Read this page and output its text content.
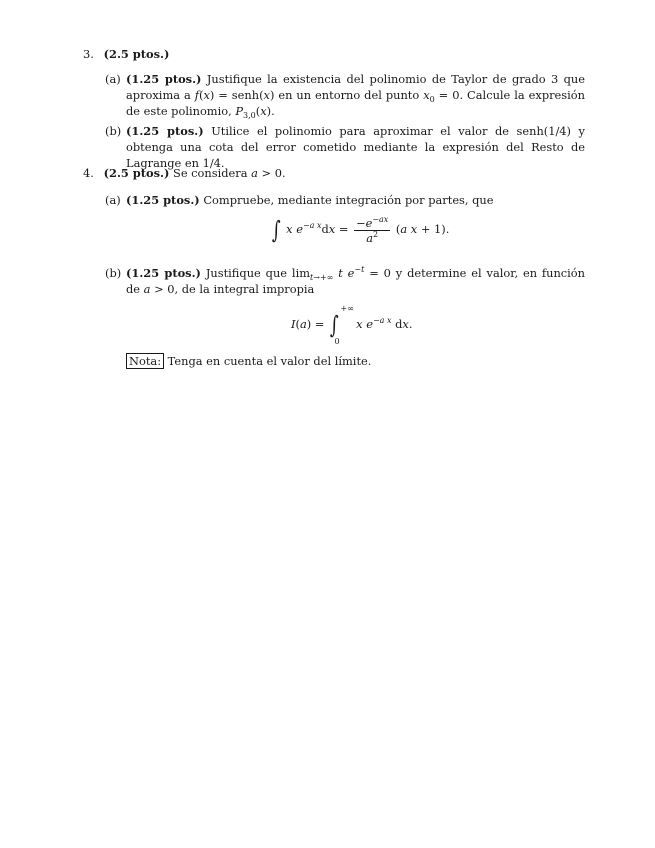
3. (2.5 ptos.)
(a) (1.25 ptos.) Justifique la existencia del polinomio de Taylor de grado 3 que aproxima a f(x) = senh(x) en un entorno del punto $x_0 = 0$. Calcule la expresión de este polinomio, $P_{3,0}(x)$.
(b) (1.25 ptos.) Utilice el polinomio para aproximar el valor de senh(1/4) y obtenga una cota del error cometido mediante la expresión del Resto de Lagrange en 1/4.
4. (2.5 ptos.) Se considera a > 0.
(a) (1.25 ptos.) Compruebe, mediante integración por partes, que
∫ x $e^{-a x}dx = \frac{-e^{-ax}}{a^2} (a$ x + 1).
(b) (1.25 ptos.) Justifique que $\lim_{t\to+\infty} t$ $e^{-t} = 0$ y determine el valor, en función de a > 0, de la integral impropia
I(a) = ∫
+∞
0
x $e^{-a x}$ dx.
Nota: Tenga en cuenta el valor del límite.
